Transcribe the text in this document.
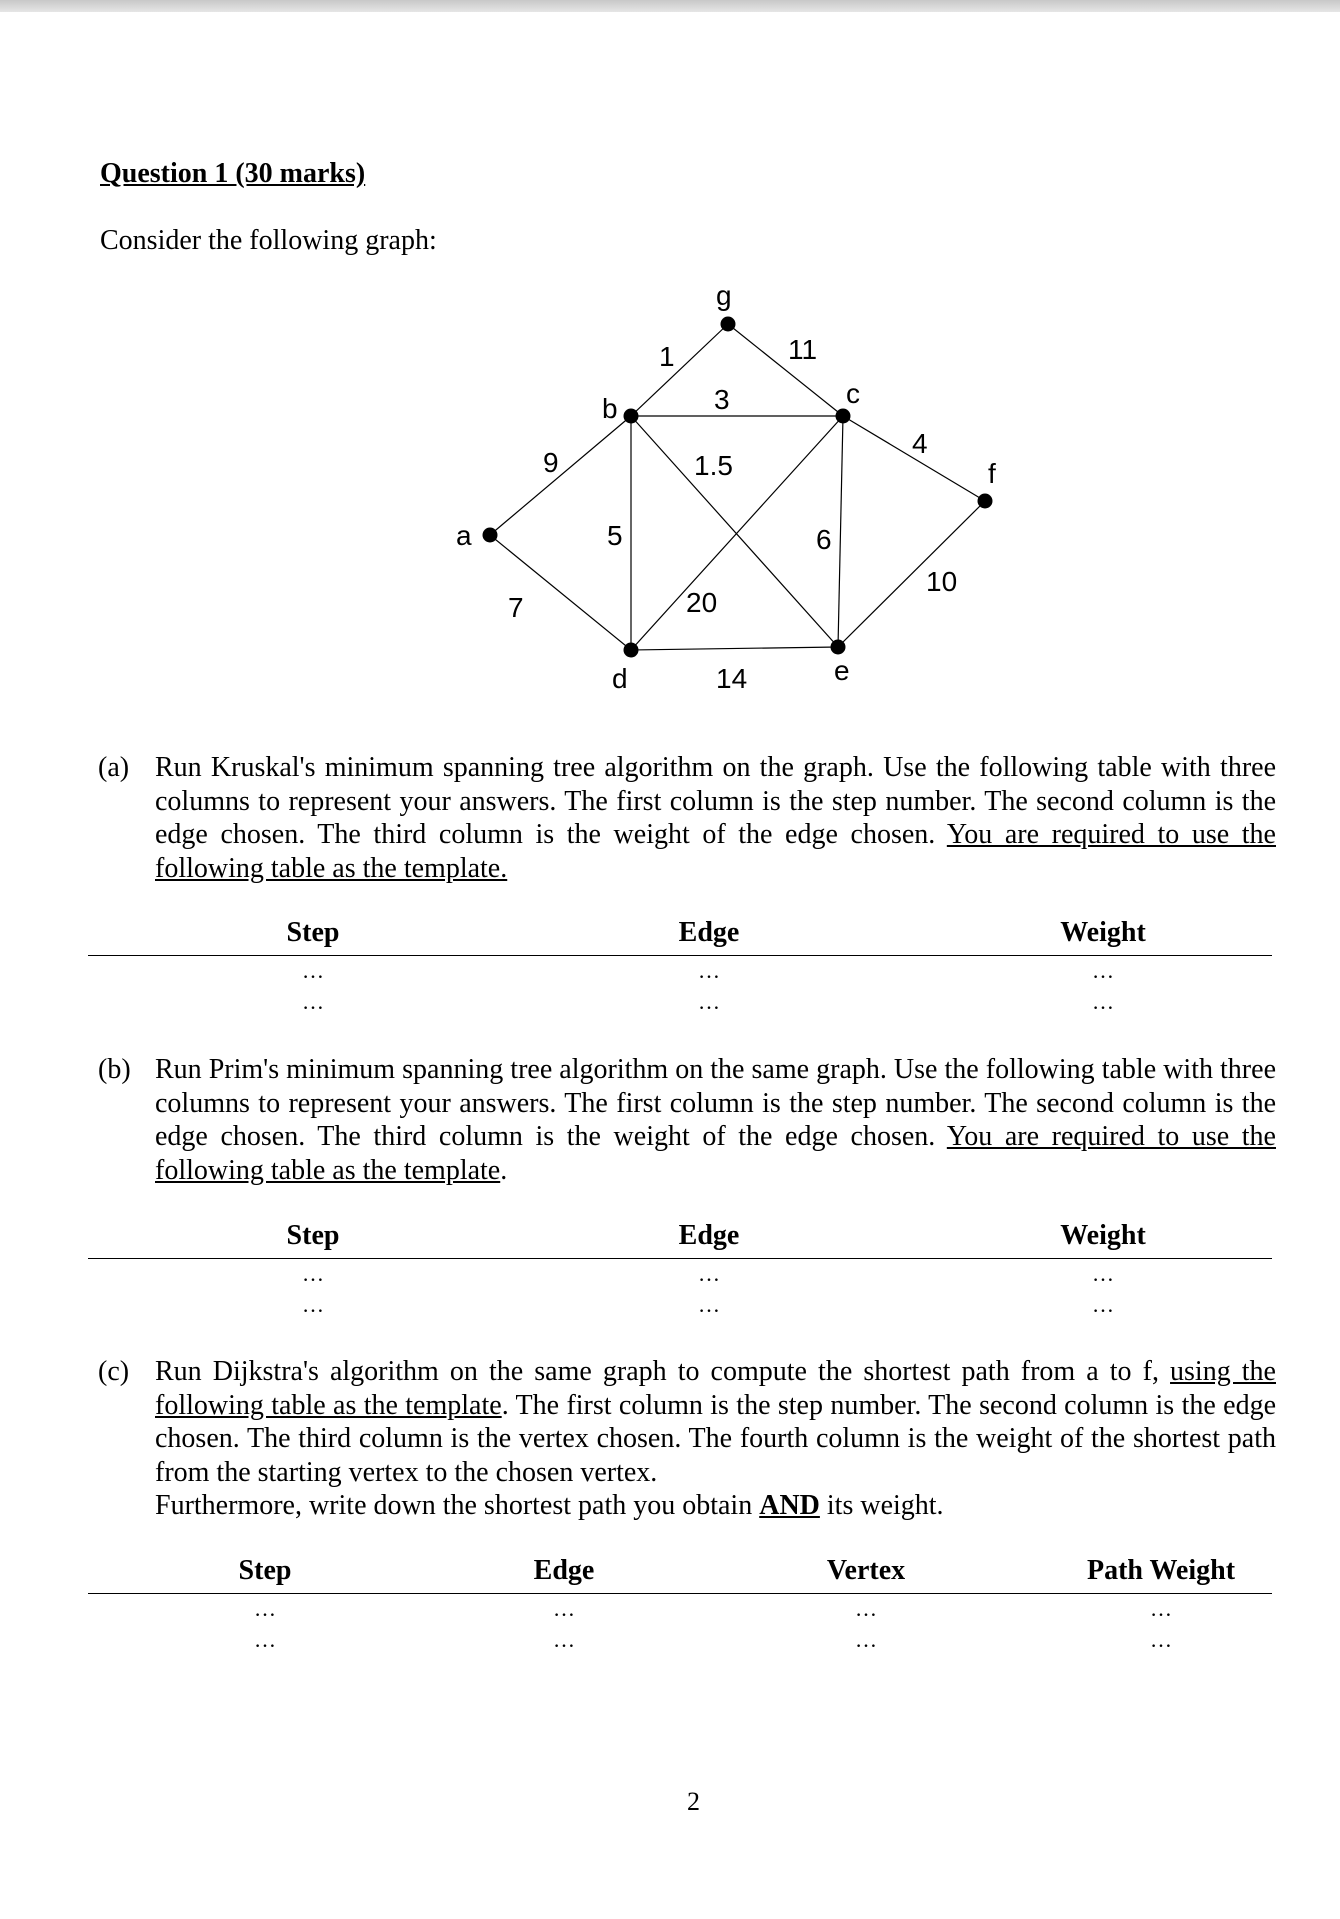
Question 1 (30 marks)
Consider the following graph:
a
b	c
d	e
f
g
9
7
1	11
3
5
1.5
20
6
4
10
14
(a) Run Kruskal's minimum spanning tree algorithm on the graph. Use the following table with three columns to represent your answers. The first column is the step number. The second column is the edge chosen. The third column is the weight of the edge chosen. You are required to use the following table as the template.

Step	Edge	Weight
…	…	…
…	…	…
(b) Run Prim's minimum spanning tree algorithm on the same graph. Use the following table with three columns to represent your answers. The first column is the step number. The second column is the edge chosen. The third column is the weight of the edge chosen. You are required to use the following table as the template.

Step	Edge	Weight
…	…	…
…	…	…
(c) Run Dijkstra's algorithm on the same graph to compute the shortest path from a to f, using the following table as the template. The first column is the step number. The second column is the edge chosen. The third column is the vertex chosen. The fourth column is the weight of the shortest path from the starting vertex to the chosen vertex.

Furthermore, write down the shortest path you obtain AND its weight.

Step	Edge	Vertex	Path Weight
…	…	…	…
…	…	…	…
2
